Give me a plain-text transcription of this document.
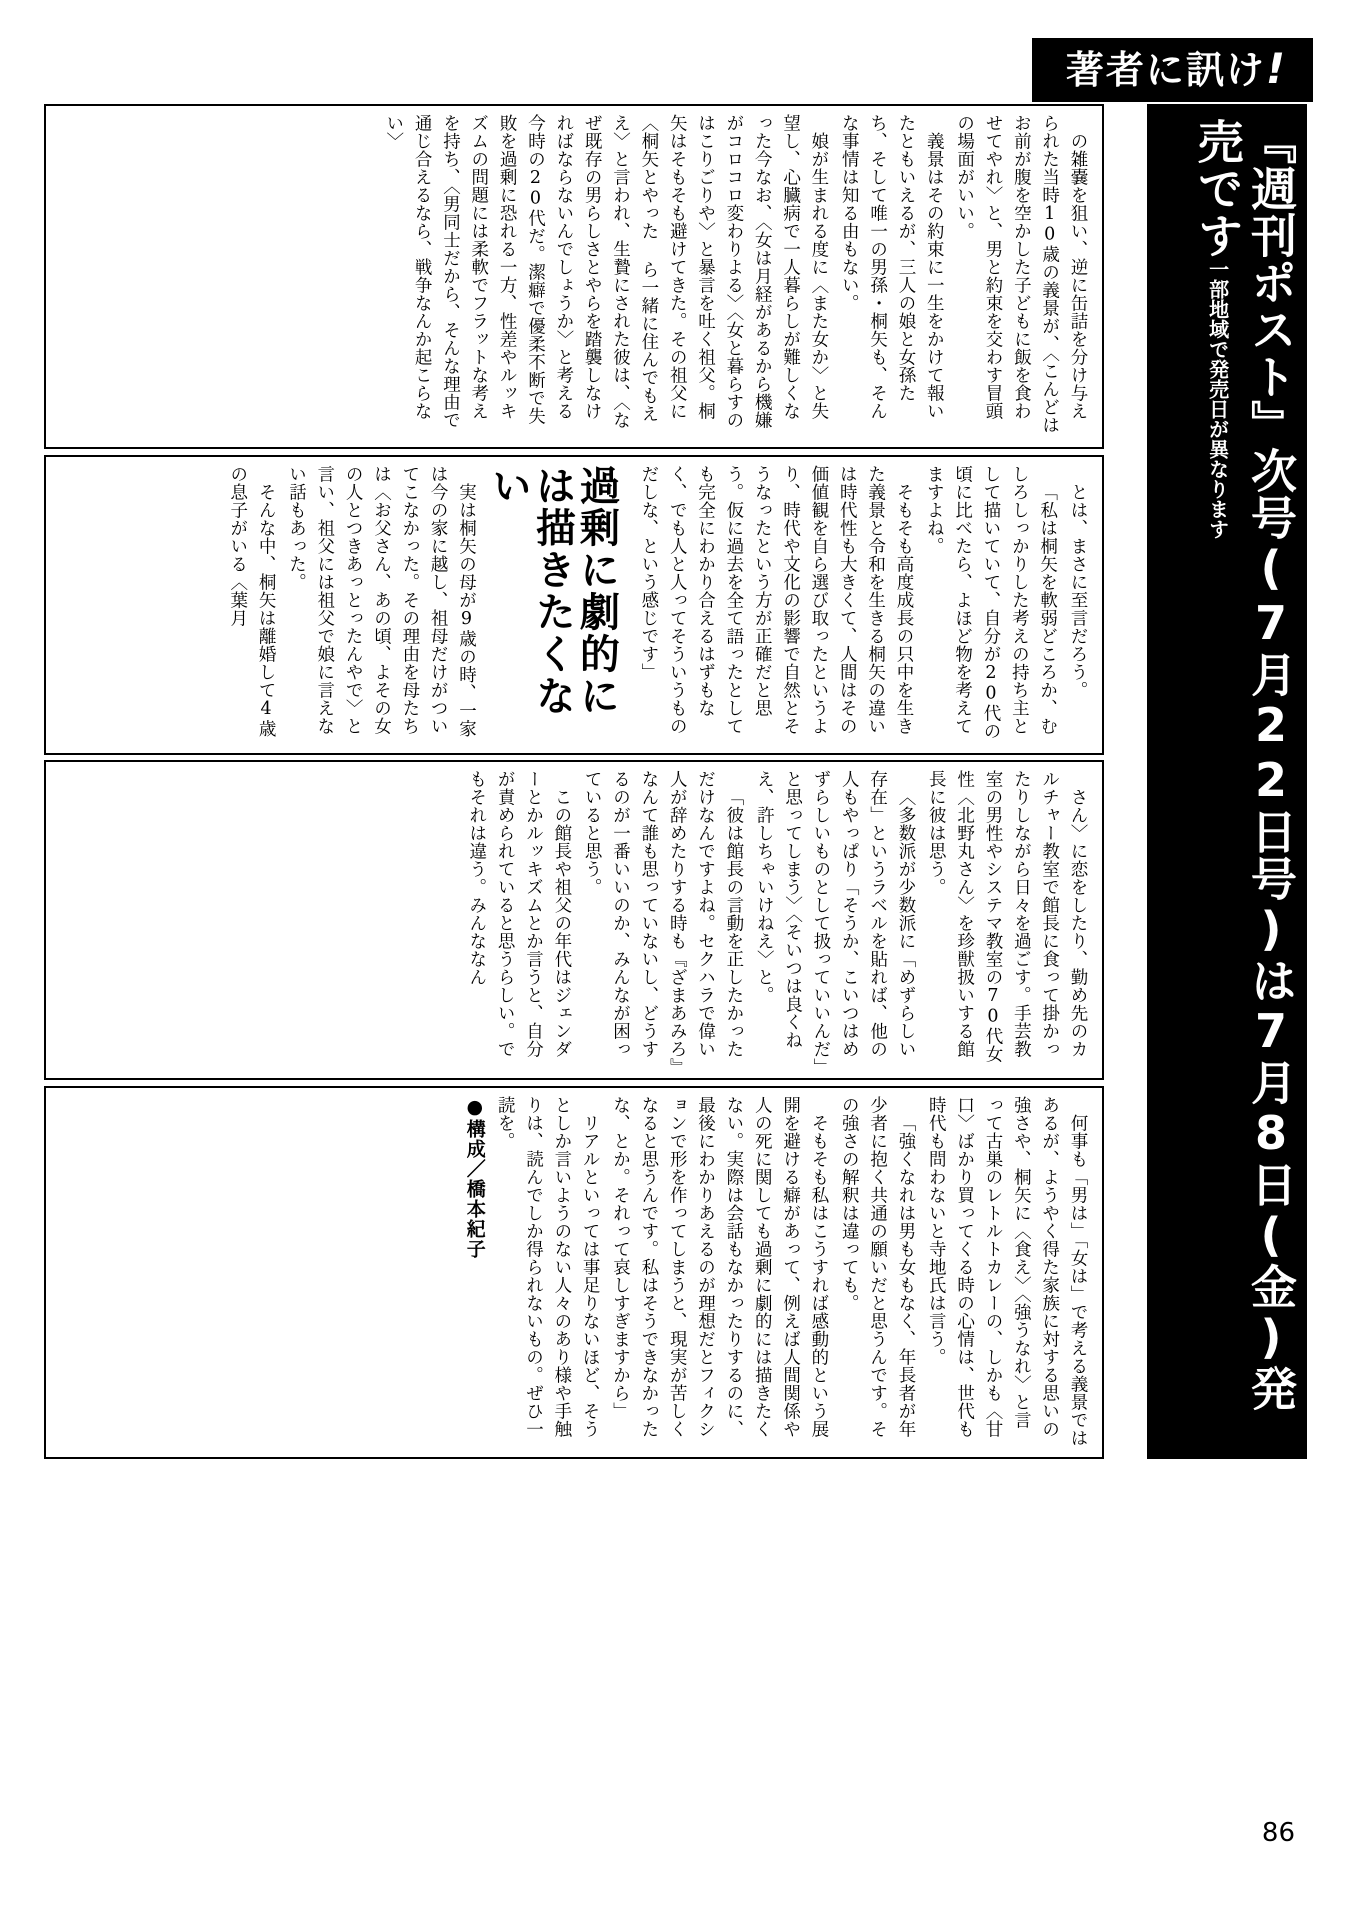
著者に訊け!
『週刊ポスト』次号(7月22日号)は7月8日(金)発売です一部地域で発売日が異なります

の雑嚢を狙い、逆に缶詰を分け与えられた当時10歳の義景が、〈こんどはお前が腹を空かした子どもに飯を食わせてやれ〉と、男と約束を交わす冒頭の場面がいい。

義景はその約束に一生をかけて報いたともいえるが、三人の娘と女孫たち、そして唯一の男孫・桐矢も、そんな事情は知る由もない。

娘が生まれる度に〈また女か〉と失望し、心臓病で一人暮らしが難しくなった今なお、〈女は月経があるから機嫌がコロコロ変わりよる〉〈女と暮らすのはこりごりや〉と暴言を吐く祖父。桐矢はそもそも避けてきた。その祖父に〈桐矢とやった ら一緒に住んでもええ〉と言われ、生贄にされた彼は、〈なぜ既存の男らしさとやらを踏襲しなければならないんでしょうか〉と考える今時の20代だ。潔癖で優柔不断で失敗を過剰に恐れる一方、性差やルッキズムの問題には柔軟でフラットな考えを持ち、〈男同士だから、そんな理由で通じ合えるなら、戦争なんか起こらない〉

とは、まさに至言だろう。

「私は桐矢を軟弱どころか、むしろしっかりした考えの持ち主として描いていて、自分が20代の頃に比べたら、よほど物を考えてますよね。

そもそも高度成長の只中を生きた義景と令和を生きる桐矢の違いは時代性も大きくて、人間はその価値観を自ら選び取ったというより、時代や文化の影響で自然とそうなったという方が正確だと思う。仮に過去を全て語ったとしても完全にわかり合えるはずもなく、でも人と人ってそういうものだしな、という感じです」

過剰に劇的には描きたくない

実は桐矢の母が9歳の時、一家は今の家に越し、祖母だけがついてこなかった。その理由を母たちは〈お父さん、あの頃、よその女の人とつきあっとったんやで〉と言い、祖父には祖父で娘に言えない話もあった。

そんな中、桐矢は離婚して4歳の息子がいる〈葉月

さん〉に恋をしたり、勤め先のカルチャー教室で館長に食って掛かったりしながら日々を過ごす。手芸教室の男性やシステマ教室の70代女性〈北野丸さん〉を珍獣扱いする館長に彼は思う。

〈多数派が少数派に「めずらしい存在」というラベルを貼れば、他の人もやっぱり「そうか、こいつはめずらしいものとして扱っていいんだ」と思ってしまう〉〈そいつは良くねえ、許しちゃいけねえ〉と。

「彼は館長の言動を正したかっただけなんですよね。セクハラで偉い人が辞めたりする時も『ざまあみろ』なんて誰も思っていないし、どうするのが一番いいのか、みんなが困っていると思う。

この館長や祖父の年代はジェンダーとかルッキズムとか言うと、自分が責められていると思うらしい。でもそれは違う。みんななん

何事も「男は」「女は」で考える義景ではあるが、ようやく得た家族に対する思いの強さや、桐矢に〈食え〉〈強うなれ〉と言って古巣のレトルトカレーの、しかも〈甘口〉ばかり買ってくる時の心情は、世代も時代も問わないと寺地氏は言う。

「強くなれは男も女もなく、年長者が年少者に抱く共通の願いだと思うんです。その強さの解釈は違っても。

そもそも私はこうすれば感動的という展開を避ける癖があって、例えば人間関係や人の死に関しても過剰に劇的には描きたくない。実際は会話もなかったりするのに、最後にわかりあえるのが理想だとフィクションで形を作ってしまうと、現実が苦しくなると思うんです。私はそうできなかったな、とか。それって哀しすぎますから」

リアルといっては事足りないほど、そうとしか言いようのない人々のあり様や手触りは、読んでしか得られないもの。ぜひ一読を。

●構成／橋本紀子
86
